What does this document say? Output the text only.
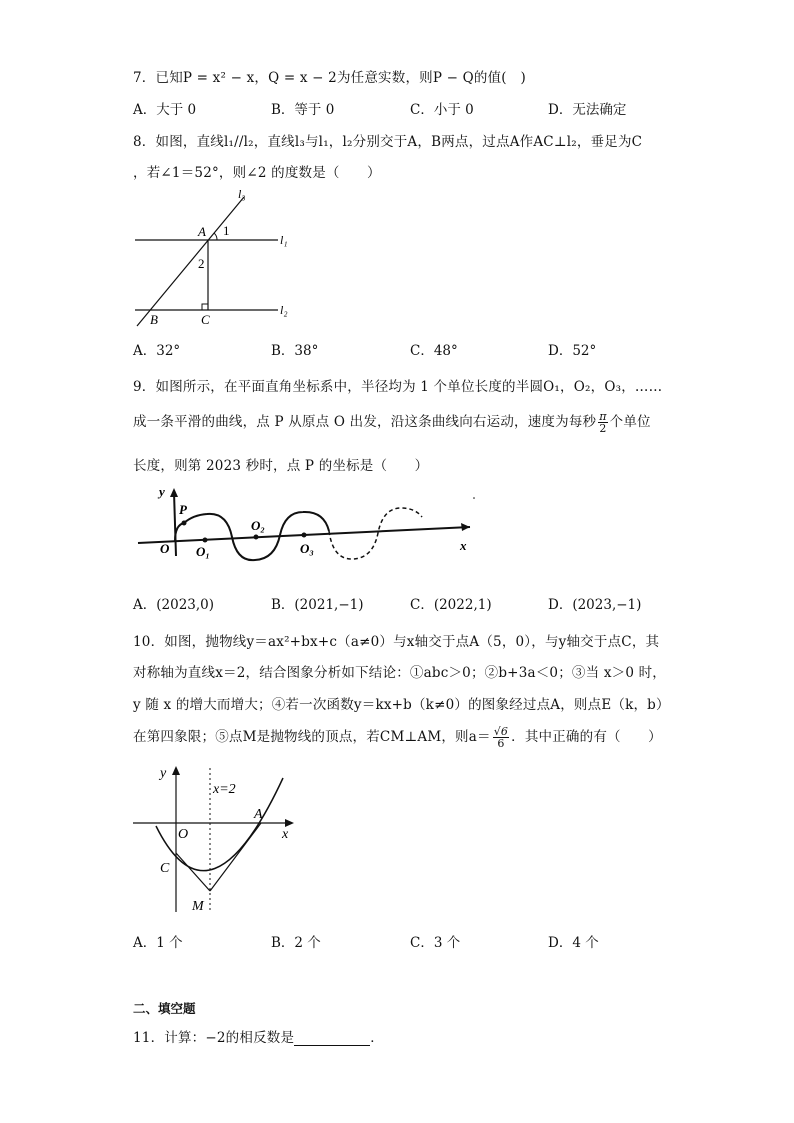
7．已知P = x² − x，Q = x − 2为任意实数，则P − Q的值(　)
A．大于 0	B．等于 0	C．小于 0	D．无法确定
8．如图，直线l₁//l₂，直线l₃与l₁，l₂分别交于A，B两点，过点A作AC⊥l₂，垂足为C
，若∠1＝52°，则∠2 的度数是（　　）
l₃
l₁
l₂
A
B	C
1
2
A．32°	B．38°	C．48°	D．52°
9．如图所示，在平面直角坐标系中，半径均为 1 个单位长度的半圆O₁，O₂，O₃，……
成一条平滑的曲线，点 P 从原点 O 出发，沿这条曲线向右运动，速度为每秒 $\frac{\pi}{2}$ 个单位
长度，则第 2023 秒时，点 P 的坐标是（　　）
y
x
P
O O₁
O₂
O₃
A．(2023,0)	B．(2021,−1)	C．(2022,1)	D．(2023,−1)
10．如图，抛物线y＝ax²+bx+c（a≠0）与x轴交于点A（5，0），与y轴交于点C，其
对称轴为直线x＝2，结合图象分析如下结论：①abc＞0；②b+3a＜0；③当 x＞0 时，
y 随 x 的增大而增大；④若一次函数y＝kx+b（k≠0）的图象经过点A，则点E（k，b）
在第四象限；⑤点M是抛物线的顶点，若CM⊥AM，则$a= \frac{√6}{6}$ ．其中正确的有（　　）
y
x
x=2
O
A
C
M
A．1 个	B．2 个	C．3 个	D．4 个
二、填空题
11．计算：−2的相反数是	．
